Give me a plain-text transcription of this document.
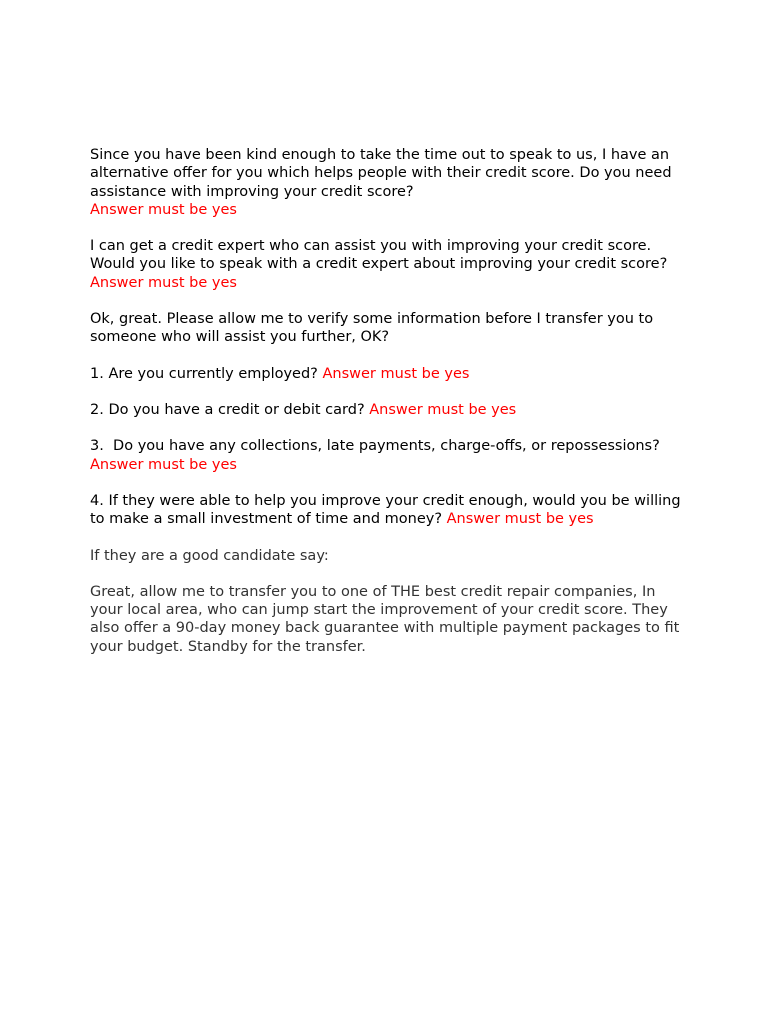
Since you have been kind enough to take the time out to speak to us, I have an alternative offer for you which helps people with their credit score. Do you need assistance with improving your credit score?
Answer must be yes

I can get a credit expert who can assist you with improving your credit score. Would you like to speak with a credit expert about improving your credit score? Answer must be yes

Ok, great. Please allow me to verify some information before I transfer you to someone who will assist you further, OK?

1. Are you currently employed? Answer must be yes

2. Do you have a credit or debit card? Answer must be yes

3.  Do you have any collections, late payments, charge-offs, or repossessions? Answer must be yes

4. If they were able to help you improve your credit enough, would you be willing to make a small investment of time and money? Answer must be yes

If they are a good candidate say:

Great, allow me to transfer you to one of THE best credit repair companies, In your local area, who can jump start the improvement of your credit score. They also offer a 90-day money back guarantee with multiple payment packages to fit your budget. Standby for the transfer.
